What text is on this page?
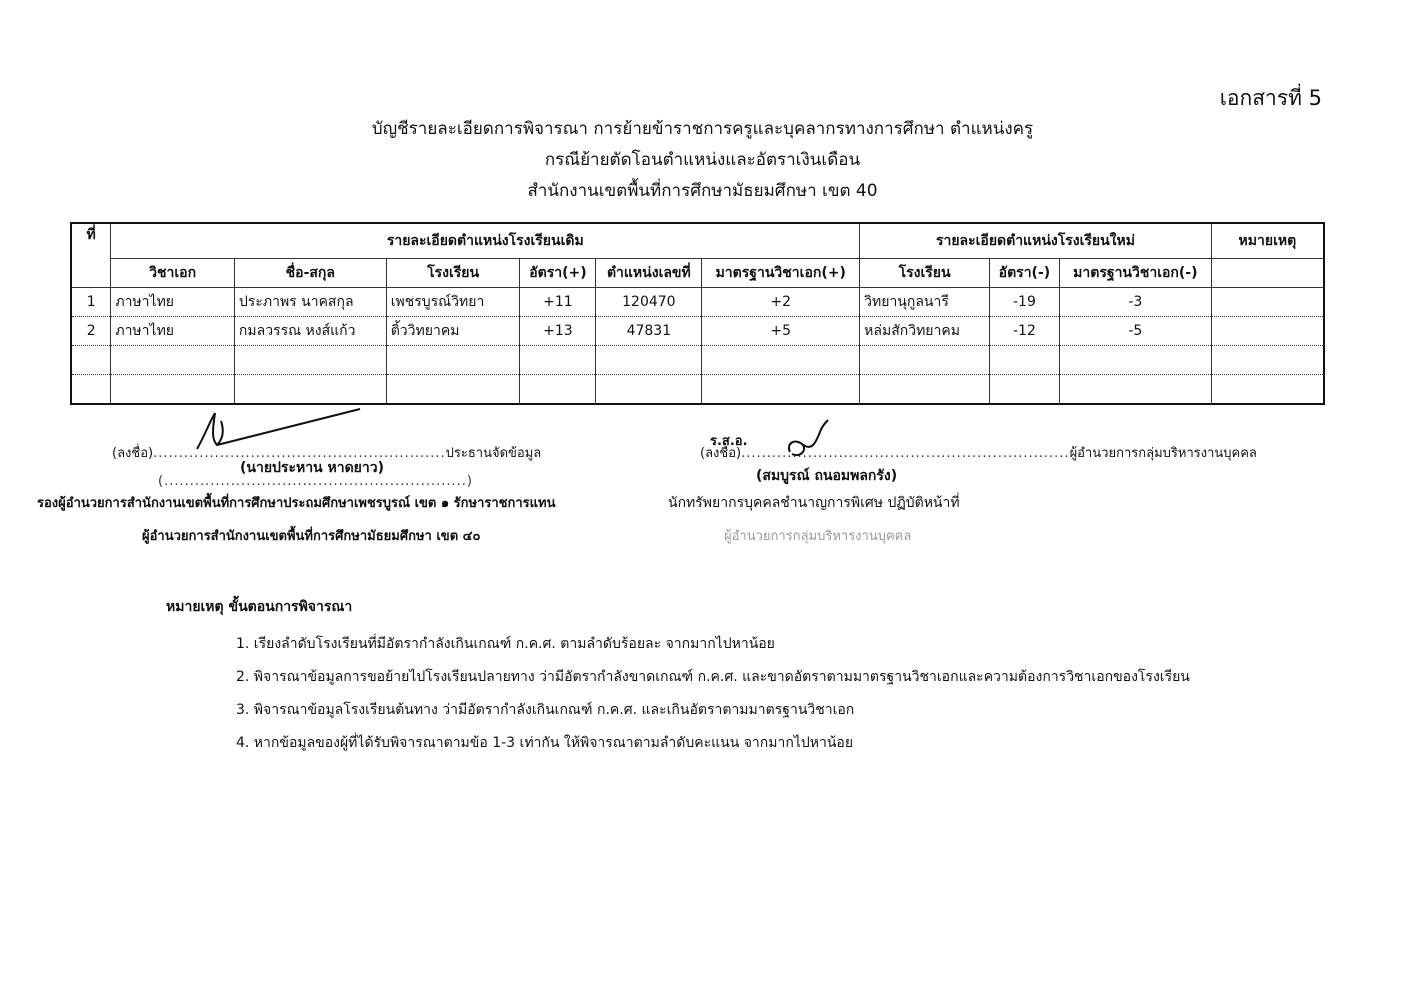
เอกสารที่ 5
บัญชีรายละเอียดการพิจารณา การย้ายข้าราชการครูและบุคลากรทางการศึกษา ตำแหน่งครู
กรณีย้ายตัดโอนตำแหน่งและอัตราเงินเดือน
สำนักงานเขตพื้นที่การศึกษามัธยมศึกษา เขต 40
ที่	รายละเอียดตำแหน่งโรงเรียนเดิม						รายละเอียดตำแหน่งโรงเรียนใหม่			หมายเหตุ
	วิชาเอก	ชื่อ-สกุล	โรงเรียน	อัตรา(+)	ตำแหน่งเลขที่	มาตรฐานวิชาเอก(+)	โรงเรียน	อัตรา(-)	มาตรฐานวิชาเอก(-)	
1	ภาษาไทย	ประภาพร นาคสกุล	เพชรบูรณ์วิทยา	+11	120470	+2	วิทยานุกูลนารี	-19	-3	
2	ภาษาไทย	กมลวรรณ หงส์แก้ว	ติ้ววิทยาคม	+13	47831	+5	หล่มสักวิทยาคม	-12	-5	

(ลงชื่อ).........................................................ประธานจัดข้อมูล
(นายประหาน หาดยาว)
(...........................................................)
รองผู้อำนวยการสำนักงานเขตพื้นที่การศึกษาประถมศึกษาเพชรบูรณ์ เขต ๑ รักษาราชการแทน
ผู้อำนวยการสำนักงานเขตพื้นที่การศึกษามัธยมศึกษา เขต ๔๐
ร.ส.อ.
(ลงชื่อ)................................................................ผู้อำนวยการกลุ่มบริหารงานบุคคล
(สมบูรณ์ ถนอมพลกรัง)
นักทรัพยากรบุคคลชำนาญการพิเศษ ปฏิบัติหน้าที่
ผู้อำนวยการกลุ่มบริหารงานบุคคล
หมายเหตุ ขั้นตอนการพิจารณา
1. 1. เรียงลำดับโรงเรียนที่มีอัตรากำลังเกินเกณฑ์ ก.ค.ศ. ตามลำดับร้อยละ จากมากไปหาน้อย
2. 2. พิจารณาข้อมูลการขอย้ายไปโรงเรียนปลายทาง ว่ามีอัตรากำลังขาดเกณฑ์ ก.ค.ศ. และขาดอัตราตามมาตรฐานวิชาเอกและความต้องการวิชาเอกของโรงเรียน
3. 3. พิจารณาข้อมูลโรงเรียนต้นทาง ว่ามีอัตรากำลังเกินเกณฑ์ ก.ค.ศ. และเกินอัตราตามมาตรฐานวิชาเอก
4. 4. หากข้อมูลของผู้ที่ได้รับพิจารณาตามข้อ 1-3 เท่ากัน ให้พิจารณาตามลำดับคะแนน จากมากไปหาน้อย
